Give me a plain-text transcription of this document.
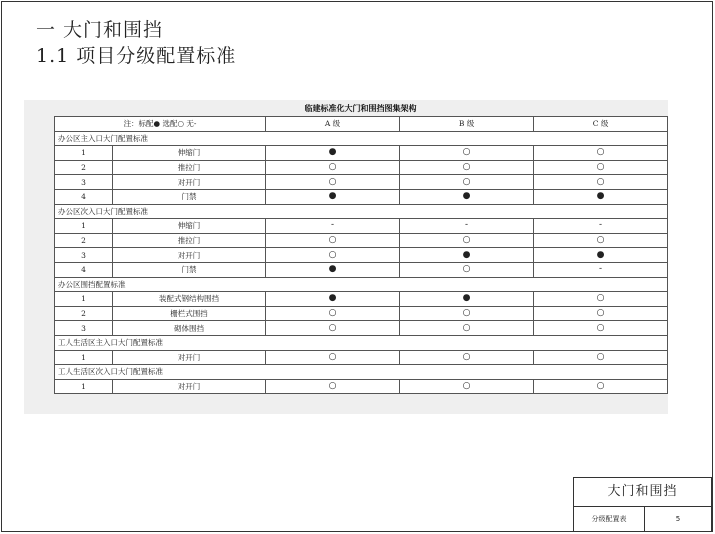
一 大门和围挡
1.1 项目分级配置标准
临建标准化大门和围挡图集架构
注：标配● 选配○ 无-		A 级	B 级	C 级
办公区主入口大门配置标准				
1	伸缩门	●	○	○
2	推拉门	○	○	○
3	对开门	○	○	○
4	门禁	●	●	●
办公区次入口大门配置标准				
1	伸缩门	-	-	-
2	推拉门	○	○	○
3	对开门	○	●	●
4	门禁	●	○	-
办公区围挡配置标准				
1	装配式钢结构围挡	●	●	○
2	栅栏式围挡	○	○	○
3	砌体围挡	○	○	○
工人生活区主入口大门配置标准				
1	对开门	○	○	○
工人生活区次入口大门配置标准				
1	对开门	○	○	○
大门和围挡
分级配置表	5
